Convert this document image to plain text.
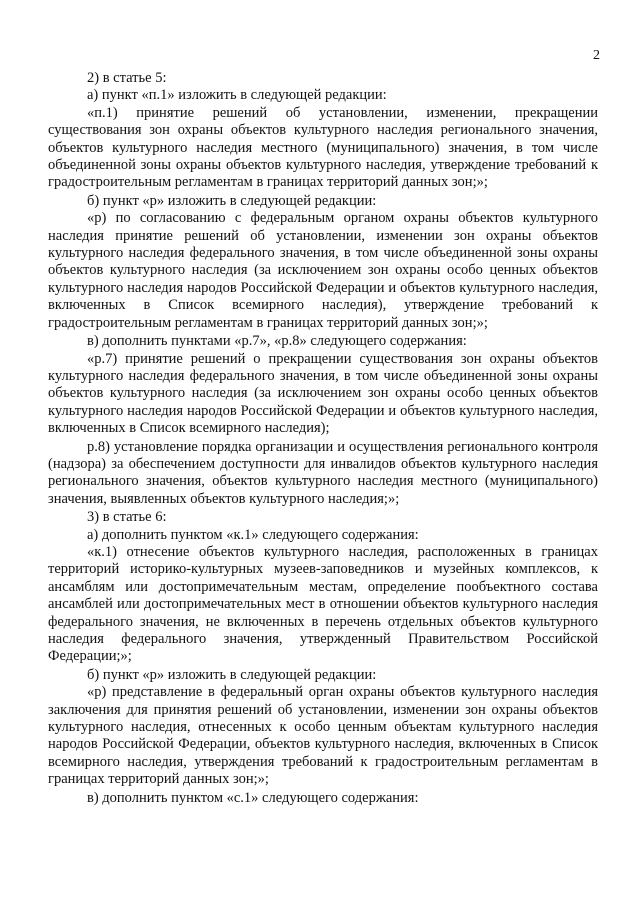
2

2) в статье 5:

а) пункт «п.1» изложить в следующей редакции:

«п.1) принятие решений об установлении, изменении, прекращении существования зон охраны объектов культурного наследия регионального значения, объектов культурного наследия местного (муниципального) значения, в том числе объединенной зоны охраны объектов культурного наследия, утверждение требований к градостроительным регламентам в границах территорий данных зон;»;

б) пункт «р» изложить в следующей редакции:

«р) по согласованию с федеральным органом охраны объектов культурного наследия принятие решений об установлении, изменении зон охраны объектов культурного наследия федерального значения, в том числе объединенной зоны охраны объектов культурного наследия (за исключением зон охраны особо ценных объектов культурного наследия народов Российской Федерации и объектов культурного наследия, включенных в Список всемирного наследия), утверждение требований к градостроительным регламентам в границах территорий данных зон;»;

в) дополнить пунктами «р.7», «р.8» следующего содержания:

«р.7) принятие решений о прекращении существования зон охраны объектов культурного наследия федерального значения, в том числе объединенной зоны охраны объектов культурного наследия (за исключением зон охраны особо ценных объектов культурного наследия народов Российской Федерации и объектов культурного наследия, включенных в Список всемирного наследия);

р.8) установление порядка организации и осуществления регионального контроля (надзора) за обеспечением доступности для инвалидов объектов культурного наследия регионального значения, объектов культурного наследия местного (муниципального) значения, выявленных объектов культурного наследия;»;

3) в статье 6:

а) дополнить пунктом «к.1» следующего содержания:

«к.1) отнесение объектов культурного наследия, расположенных в границах территорий историко-культурных музеев-заповедников и музейных комплексов, к ансамблям или достопримечательным местам, определение пообъектного состава ансамблей или достопримечательных мест в отношении объектов культурного наследия федерального значения, не включенных в перечень отдельных объектов культурного наследия федерального значения, утвержденный Правительством Российской Федерации;»;

б) пункт «р» изложить в следующей редакции:

«р) представление в федеральный орган охраны объектов культурного наследия заключения для принятия решений об установлении, изменении зон охраны объектов культурного наследия, отнесенных к особо ценным объектам культурного наследия народов Российской Федерации, объектов культурного наследия, включенных в Список всемирного наследия, утверждения требований к градостроительным регламентам в границах территорий данных зон;»;

в) дополнить пунктом «с.1» следующего содержания:
